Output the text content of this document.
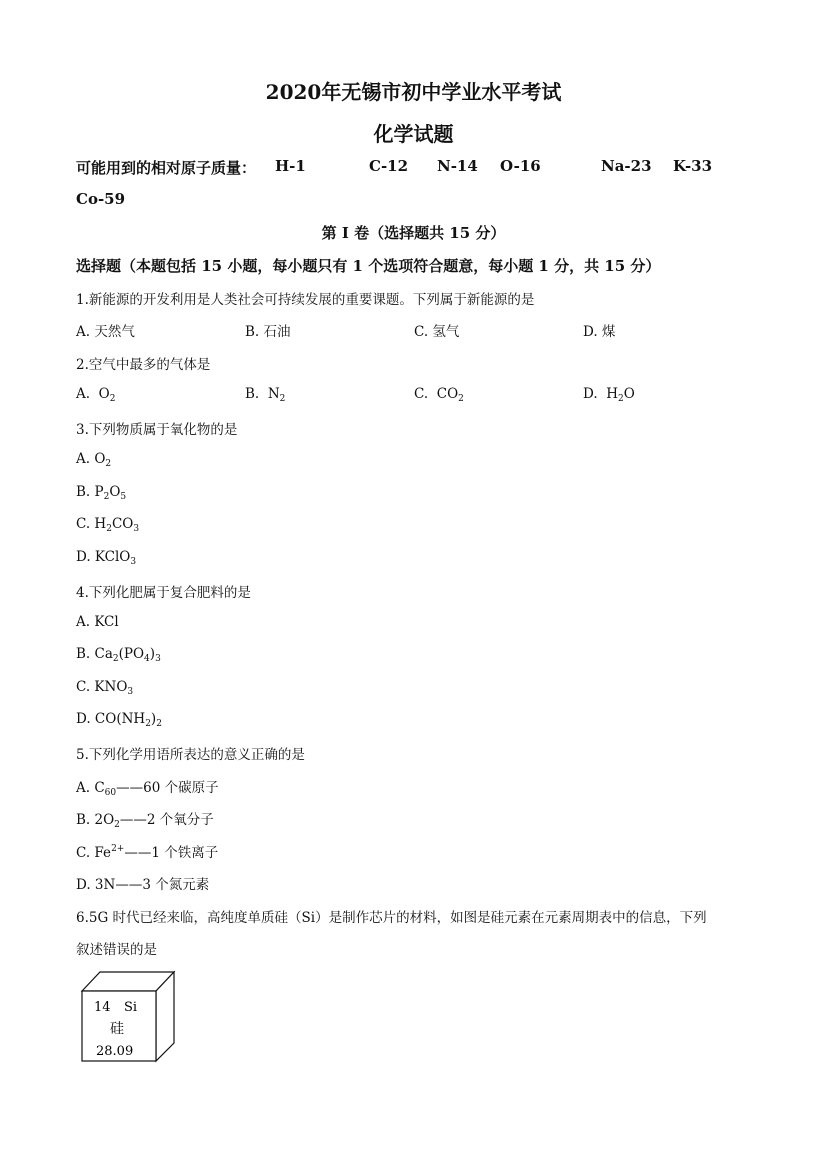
2020年无锡市初中学业水平考试
化学试题
可能用到的相对原子质量： H-1	C-12 N-14 O-16	Na-23 K-33
Co-59
第 I 卷（选择题共 15 分）
选择题（本题包括 15 小题，每小题只有 1 个选项符合题意，每小题 1 分，共 15 分）
1.新能源的开发利用是人类社会可持续发展的重要课题。下列属于新能源的是
A. 天然气	B. 石油	C. 氢气	D. 煤
2.空气中最多的气体是
A. $O_2$	B. $N_2$	C. $CO_2$	D. $H_2O$
3.下列物质属于氧化物的是
A. $O_2$
B. $P_2O_5$
C. $H_2CO_3$
D. KClO$_3$
4.下列化肥属于复合肥料的是
A. KCl
B. $Ca_2(PO_4)_3$
C. $KNO_3$
D. $CO(NH_2)_2$
5.下列化学用语所表达的意义正确的是
A. $C_{60}——60$ 个碳原子
B. $2O_2——2$ 个氧分子
C. $Fe^{2+}——1$ 个铁离子
D. 3N——3 个氮元素
6.5G 时代已经来临，高纯度单质硅（Si）是制作芯片的材料，如图是硅元素在元素周期表中的信息，下列
叙述错误的是
14 Si
硅
28.09
